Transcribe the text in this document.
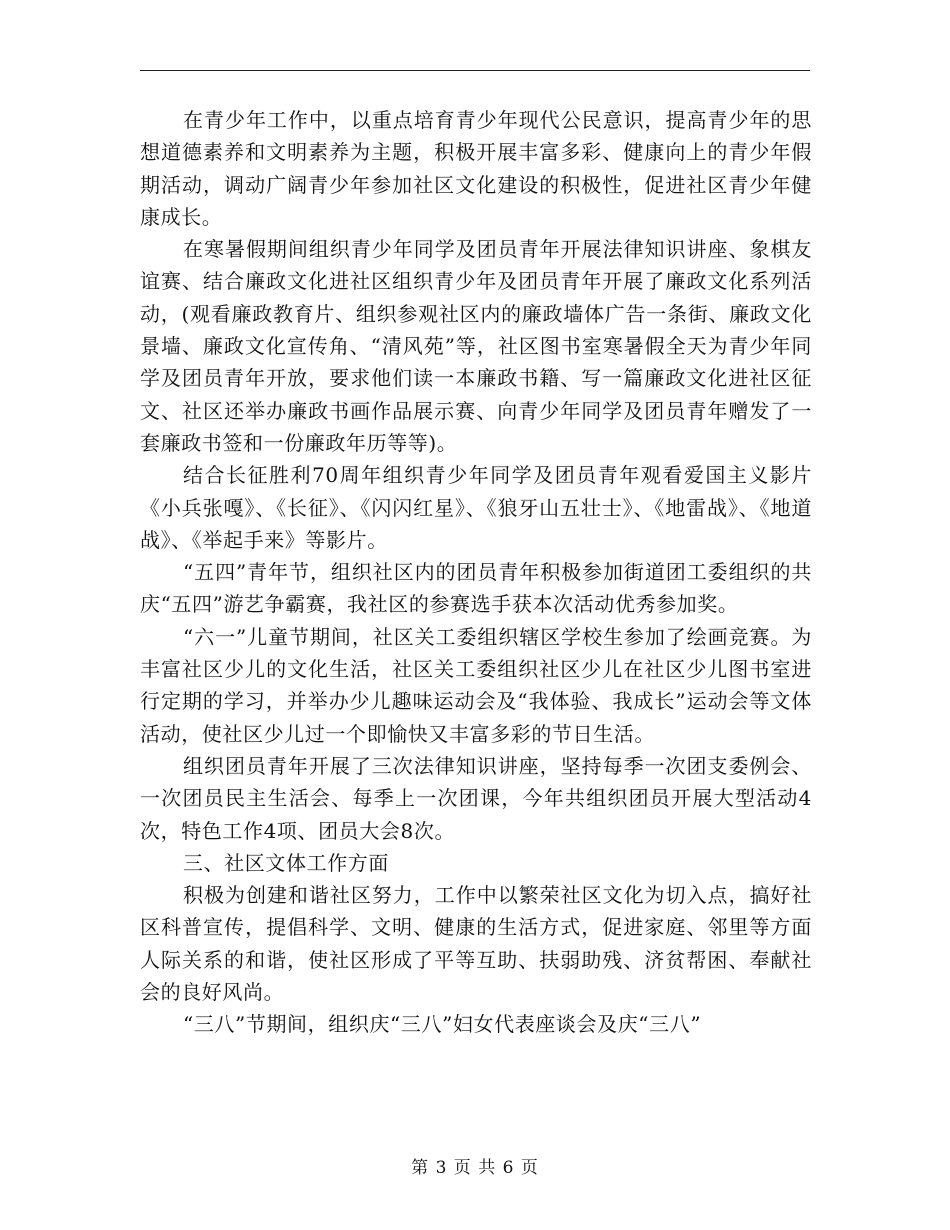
在青少年工作中，以重点培育青少年现代公民意识，提高青少年的思想道德素养和文明素养为主题，积极开展丰富多彩、健康向上的青少年假期活动，调动广阔青少年参加社区文化建设的积极性，促进社区青少年健康成长。

在寒暑假期间组织青少年同学及团员青年开展法律知识讲座、象棋友谊赛、结合廉政文化进社区组织青少年及团员青年开展了廉政文化系列活动，(观看廉政教育片、组织参观社区内的廉政墙体广告一条街、廉政文化景墙、廉政文化宣传角、“清风苑”等，社区图书室寒暑假全天为青少年同学及团员青年开放，要求他们读一本廉政书籍、写一篇廉政文化进社区征文、社区还举办廉政书画作品展示赛、向青少年同学及团员青年赠发了一套廉政书签和一份廉政年历等等)。

结合长征胜利70周年组织青少年同学及团员青年观看爱国主义影片《小兵张嘎》、《长征》、《闪闪红星》、《狼牙山五壮士》、《地雷战》、《地道战》、《举起手来》等影片。

“五四”青年节，组织社区内的团员青年积极参加街道团工委组织的共庆“五四”游艺争霸赛，我社区的参赛选手获本次活动优秀参加奖。

“六一”儿童节期间，社区关工委组织辖区学校生参加了绘画竞赛。为丰富社区少儿的文化生活，社区关工委组织社区少儿在社区少儿图书室进行定期的学习，并举办少儿趣味运动会及“我体验、我成长”运动会等文体活动，使社区少儿过一个即愉快又丰富多彩的节日生活。

组织团员青年开展了三次法律知识讲座，坚持每季一次团支委例会、一次团员民主生活会、每季上一次团课，今年共组织团员开展大型活动4次，特色工作4项、团员大会8次。

三、社区文体工作方面

积极为创建和谐社区努力，工作中以繁荣社区文化为切入点，搞好社区科普宣传，提倡科学、文明、健康的生活方式，促进家庭、邻里等方面人际关系的和谐，使社区形成了平等互助、扶弱助残、济贫帮困、奉献社会的良好风尚。

“三八”节期间，组织庆“三八”妇女代表座谈会及庆“三八”

第 3 页 共 6 页
